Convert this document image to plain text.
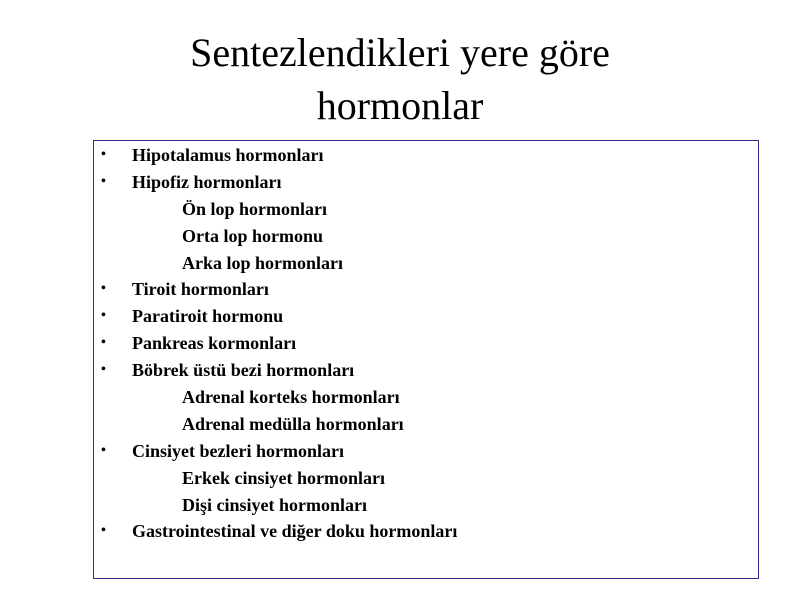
Sentezlendikleri yere göre hormonlar
• Hipotalamus hormonları
• Hipofiz hormonları
Ön lop hormonları
Orta lop hormonu
Arka lop hormonları
• Tiroit hormonları
• Paratiroit hormonu
• Pankreas kormonları
• Böbrek üstü bezi hormonları
Adrenal korteks hormonları
Adrenal medülla hormonları
• Cinsiyet bezleri hormonları
Erkek cinsiyet hormonları
Dişi cinsiyet hormonları
• Gastrointestinal ve diğer doku hormonları
